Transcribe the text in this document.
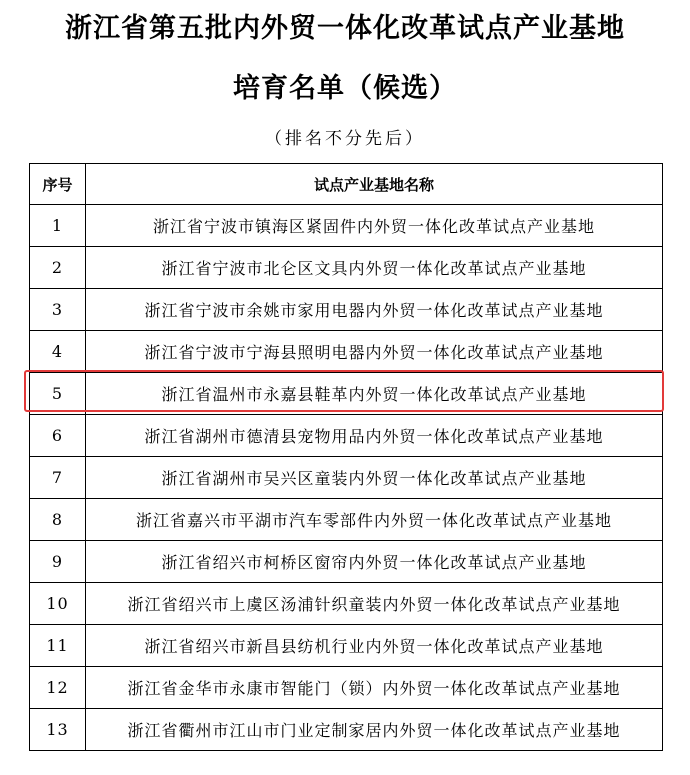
浙江省第五批内外贸一体化改革试点产业基地
培育名单（候选）
（排名不分先后）
序号	试点产业基地名称
1	浙江省宁波市镇海区紧固件内外贸一体化改革试点产业基地
2	浙江省宁波市北仑区文具内外贸一体化改革试点产业基地
3	浙江省宁波市余姚市家用电器内外贸一体化改革试点产业基地
4	浙江省宁波市宁海县照明电器内外贸一体化改革试点产业基地
5	浙江省温州市永嘉县鞋革内外贸一体化改革试点产业基地
6	浙江省湖州市德清县宠物用品内外贸一体化改革试点产业基地
7	浙江省湖州市吴兴区童装内外贸一体化改革试点产业基地
8	浙江省嘉兴市平湖市汽车零部件内外贸一体化改革试点产业基地
9	浙江省绍兴市柯桥区窗帘内外贸一体化改革试点产业基地
10	浙江省绍兴市上虞区汤浦针织童装内外贸一体化改革试点产业基地
11	浙江省绍兴市新昌县纺机行业内外贸一体化改革试点产业基地
12	浙江省金华市永康市智能门（锁）内外贸一体化改革试点产业基地
13	浙江省衢州市江山市门业定制家居内外贸一体化改革试点产业基地
